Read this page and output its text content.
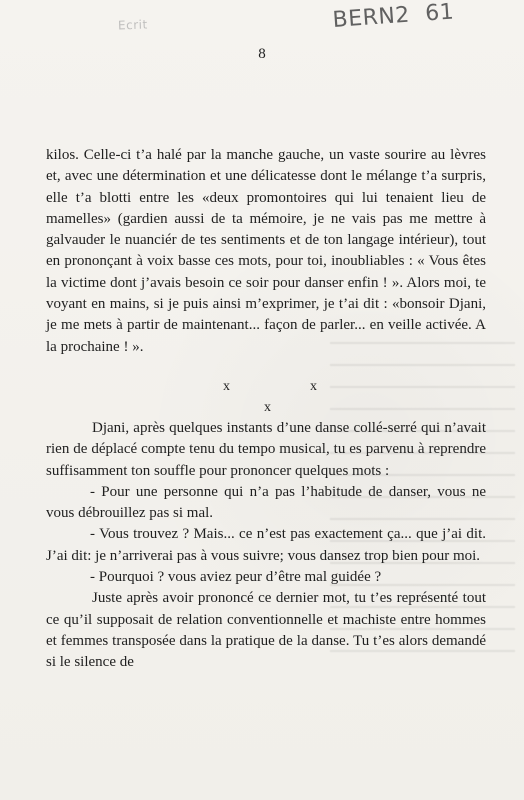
Ecrit	BERN2 61
8

kilos. Celle-ci t’a halé par la manche gauche, un vaste sourire au lèvres et, avec une détermination et une délicatesse dont le mélange t’a surpris, elle t’a blotti entre les «deux promontoires qui lui tenaient lieu de mamelles» (gardien aussi de ta mémoire, je ne vais pas me mettre à galvauder le nuanciér de tes sentiments et de ton langage intérieur), tout en prononçant à voix basse ces mots, pour toi, inoubliables : « Vous êtes la victime dont j’avais besoin ce soir pour danser enfin ! ». Alors moi, te voyant en mains, si je puis ainsi m’exprimer, je t’ai dit : «bonsoir Djani, je me mets à partir de maintenant... façon de parler... en veille activée. A la prochaine ! ».

x
x
x

Djani, après quelques instants d’une danse collé-serré qui n’avait rien de déplacé compte tenu du tempo musical, tu es parvenu à reprendre suffisamment ton souffle pour prononcer quelques mots :

- Pour une personne qui n’a pas l’habitude de danser, vous ne vous débrouillez pas si mal.

- Vous trouvez ? Mais... ce n’est pas exactement ça... que j’ai dit. J’ai dit: je n’arriverai pas à vous suivre; vous dansez trop bien pour moi.

- Pourquoi ? vous aviez peur d’être mal guidée ?

Juste après avoir prononcé ce dernier mot, tu t’es représenté tout ce qu’il supposait de relation conventionnelle et machiste entre hommes et femmes transposée dans la pratique de la danse. Tu t’es alors demandé si le silence de
